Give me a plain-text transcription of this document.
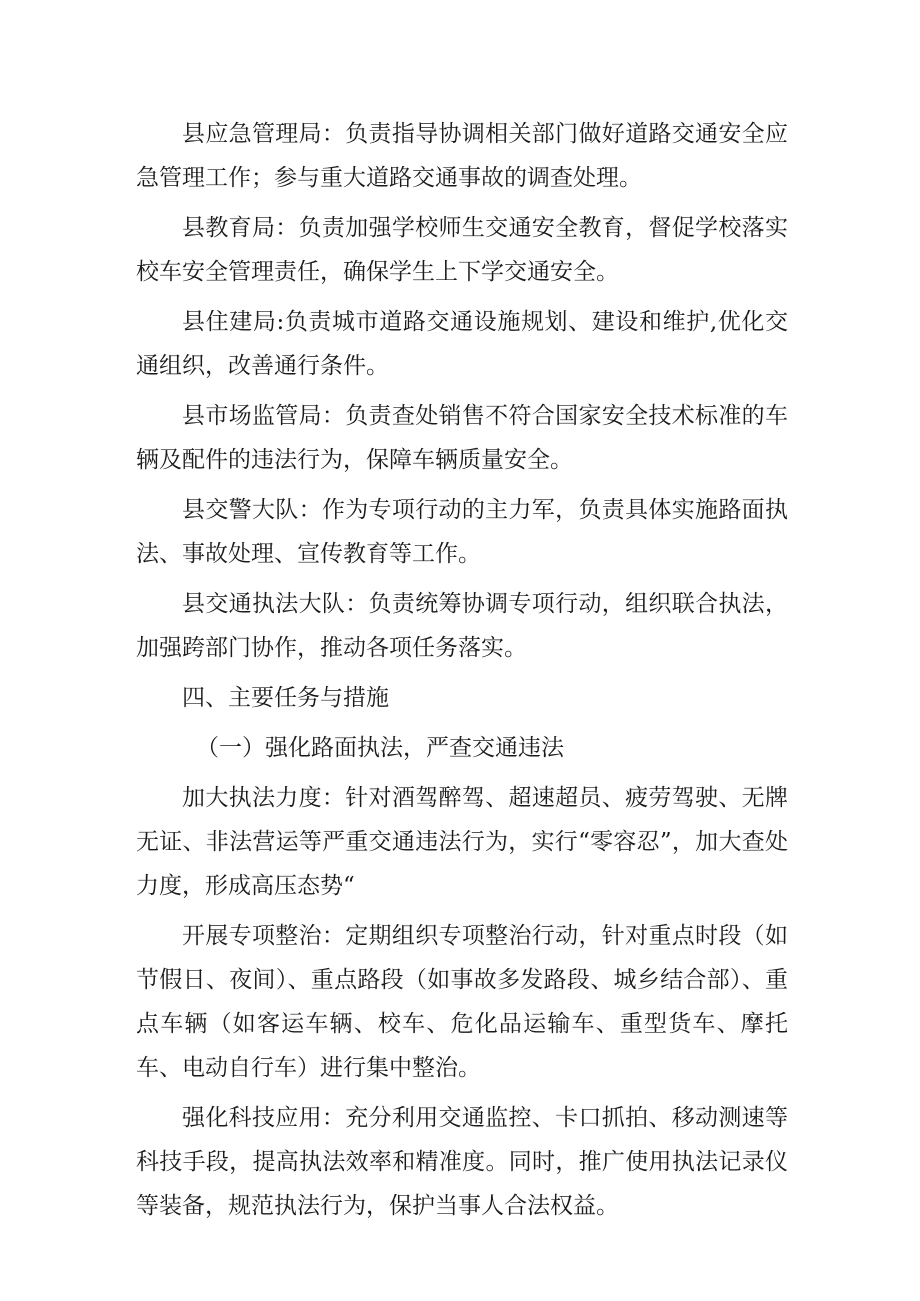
县应急管理局：负责指导协调相关部门做好道路交通安全应急管理工作；参与重大道路交通事故的调查处理。

县教育局：负责加强学校师生交通安全教育，督促学校落实校车安全管理责任，确保学生上下学交通安全。

县住建局:负责城市道路交通设施规划、建设和维护,优化交通组织，改善通行条件。

县市场监管局：负责查处销售不符合国家安全技术标准的车辆及配件的违法行为，保障车辆质量安全。

县交警大队：作为专项行动的主力军，负责具体实施路面执法、事故处理、宣传教育等工作。

县交通执法大队：负责统筹协调专项行动，组织联合执法，加强跨部门协作，推动各项任务落实。

四、主要任务与措施

（一）强化路面执法，严查交通违法

加大执法力度：针对酒驾醉驾、超速超员、疲劳驾驶、无牌无证、非法营运等严重交通违法行为，实行“零容忍”，加大查处力度，形成高压态势“

开展专项整治：定期组织专项整治行动，针对重点时段（如节假日、夜间）、重点路段（如事故多发路段、城乡结合部）、重点车辆（如客运车辆、校车、危化品运输车、重型货车、摩托车、电动自行车）进行集中整治。

强化科技应用：充分利用交通监控、卡口抓拍、移动测速等科技手段，提高执法效率和精准度。同时，推广使用执法记录仪等装备，规范执法行为，保护当事人合法权益。
